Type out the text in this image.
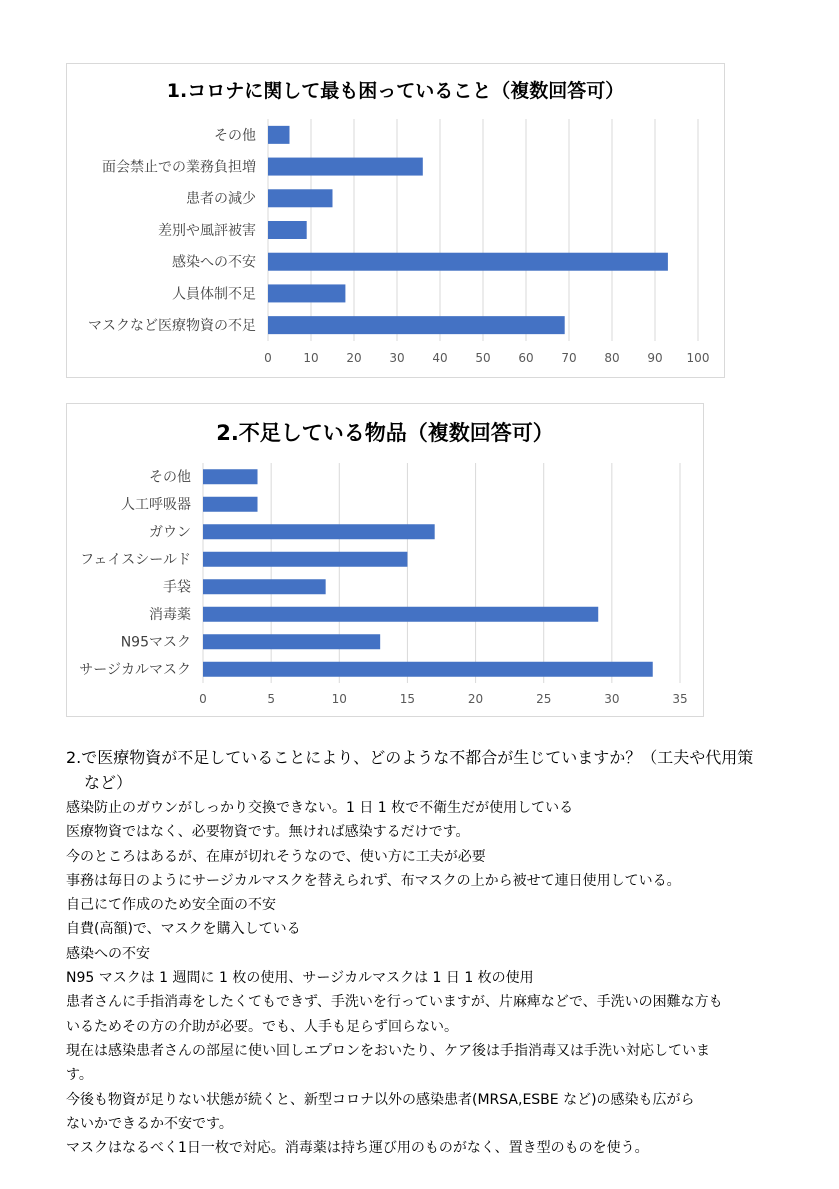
1.コロナに関して最も困っていること（複数回答可）
0	10 20 30 40 50 60 70 80 90 100
その他
面会禁止での業務負担増
患者の減少
差別や風評被害
感染への不安
人員体制不足
マスクなど医療物資の不足
2.不足している物品（複数回答可）
0	5	10	15	20	25	30	35
その他
人工呼吸器
ガウン
フェイスシールド
手袋
消毒薬
N95マスク
サージカルマスク
2.で医療物資が不足していることにより、どのような不都合が生じていますか？（工夫や代用策
など）
感染防止のガウンがしっかり交換できない。1 日 1 枚で不衛生だが使用している
医療物資ではなく、必要物資です。無ければ感染するだけです。
今のところはあるが、在庫が切れそうなので、使い方に工夫が必要
事務は毎日のようにサージカルマスクを替えられず、布マスクの上から被せて連日使用している。
自己にて作成のため安全面の不安
自費(高額)で、マスクを購入している
感染への不安
N95 マスクは 1 週間に 1 枚の使用、サージカルマスクは 1 日 1 枚の使用
患者さんに手指消毒をしたくてもできず、手洗いを行っていますが、片麻痺などで、手洗いの困難な方も
いるためその方の介助が必要。でも、人手も足らず回らない。
現在は感染患者さんの部屋に使い回しエプロンをおいたり、ケア後は手指消毒又は手洗い対応していま
す。
今後も物資が足りない状態が続くと、新型コロナ以外の感染患者(MRSA,ESBE など)の感染も広がら
ないかできるか不安です。
マスクはなるべく1日一枚で対応。消毒薬は持ち運び用のものがなく、置き型のものを使う。
